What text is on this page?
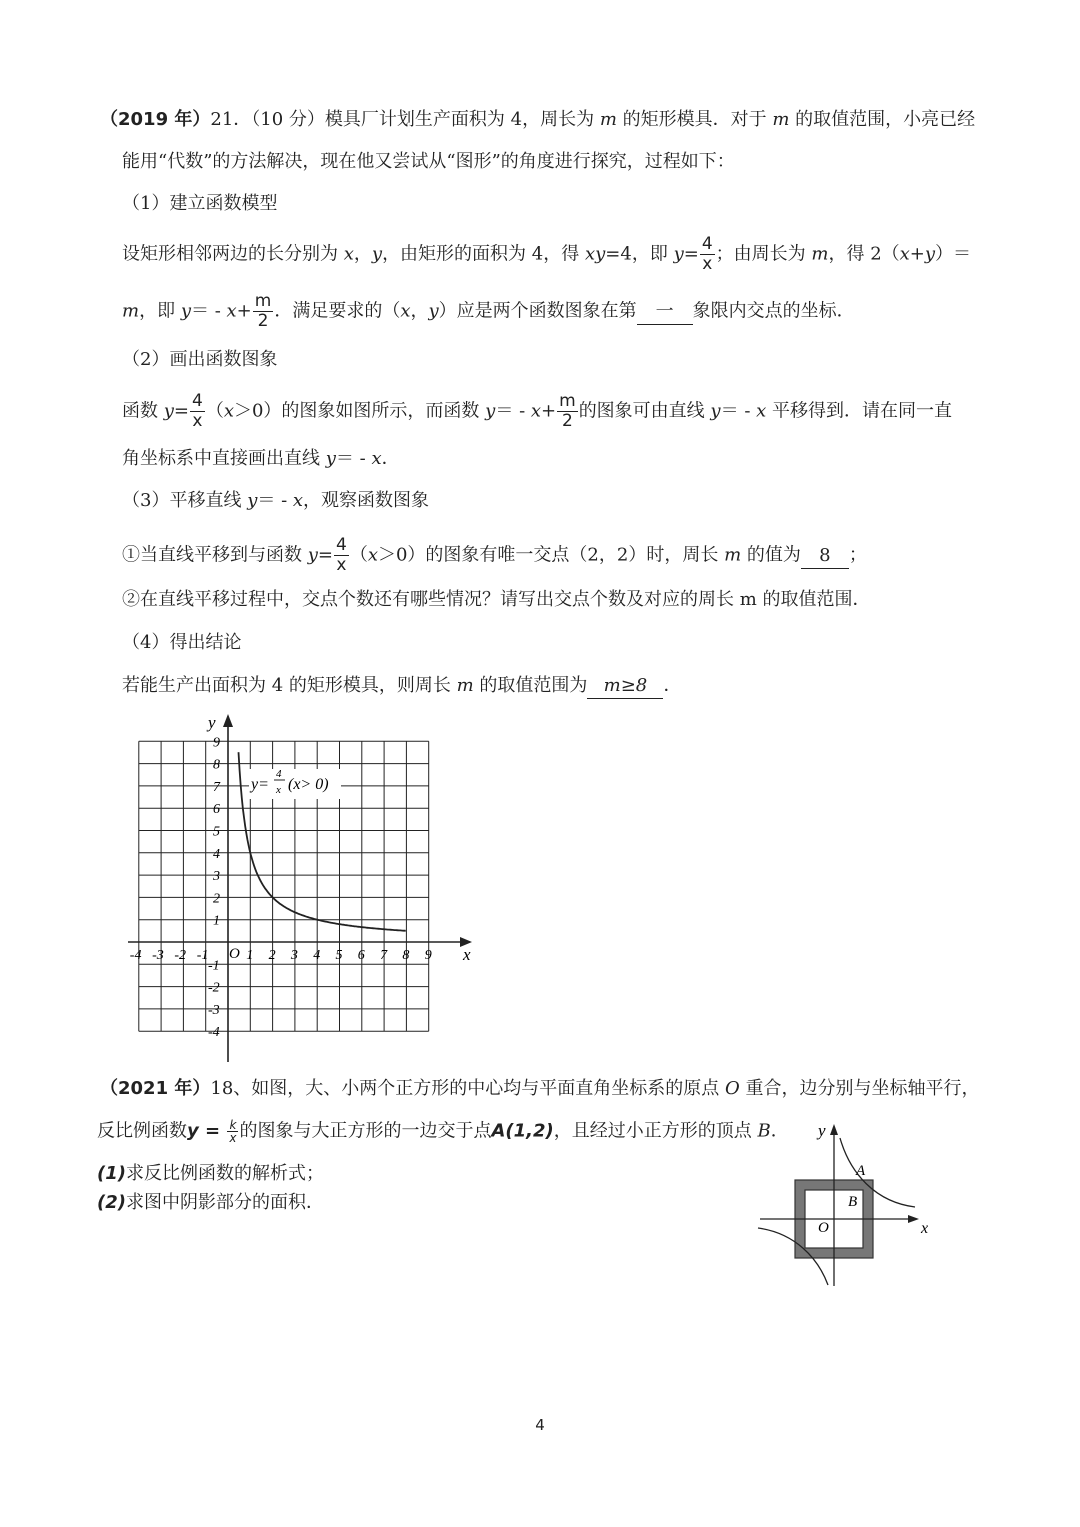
（2019 年）21．（10 分）模具厂计划生产面积为 4，周长为 m 的矩形模具．对于 m 的取值范围，小亮已经
能用“代数”的方法解决，现在他又尝试从“图形”的角度进行探究，过程如下：
（1）建立函数模型
设矩形相邻两边的长分别为 x，y，由矩形的面积为 4，得 xy=4，即 $y= \frac{4}{x}$ ；由周长为 m，得 2（x+y）＝
m，即 $y= - x+ \frac{m}{2}$ ．满足要求的（x，y）应是两个函数图象在第 一 象限内交点的坐标．
（2）画出函数图象
函数 $y= \frac{4}{x} (x>0)$的图象如图所示，而函数 $y= - x+ \frac{m}{2}$ 的图象可由直线 y＝ - x 平移得到．请在同一直
角坐标系中直接画出直线 y＝ - x．
（3）平移直线 y＝ - x，观察函数图象
①当直线平移到与函数 $y= \frac{4}{x} (x>0)$的图象有唯一交点（2，2）时，周长 m 的值为 8 ；
②在直线平移过程中，交点个数还有哪些情况？请写出交点个数及对应的周长 m 的取值范围．
（4）得出结论
若能生产出面积为 4 的矩形模具，则周长 m 的取值范围为 m≥8 ．
-4 -3 -2 -1	1 2 3 4 5 6 7 8 9
9
8
7
6
5
4
3
2
1
-1
-2
-3
-4
x
y
O
y=
4
x (x> 0)
（2021 年）18、如图，大、小两个正方形的中心均与平面直角坐标系的原点 O 重合，边分别与坐标轴平行，
反比例函数$y = \frac{k}{x}$ 的图象与大正方形的一边交于点A(1,2)，且经过小正方形的顶点 B．
(1)求反比例函数的解析式；
(2)求图中阴影部分的面积．
y
x
A
B
O
4
